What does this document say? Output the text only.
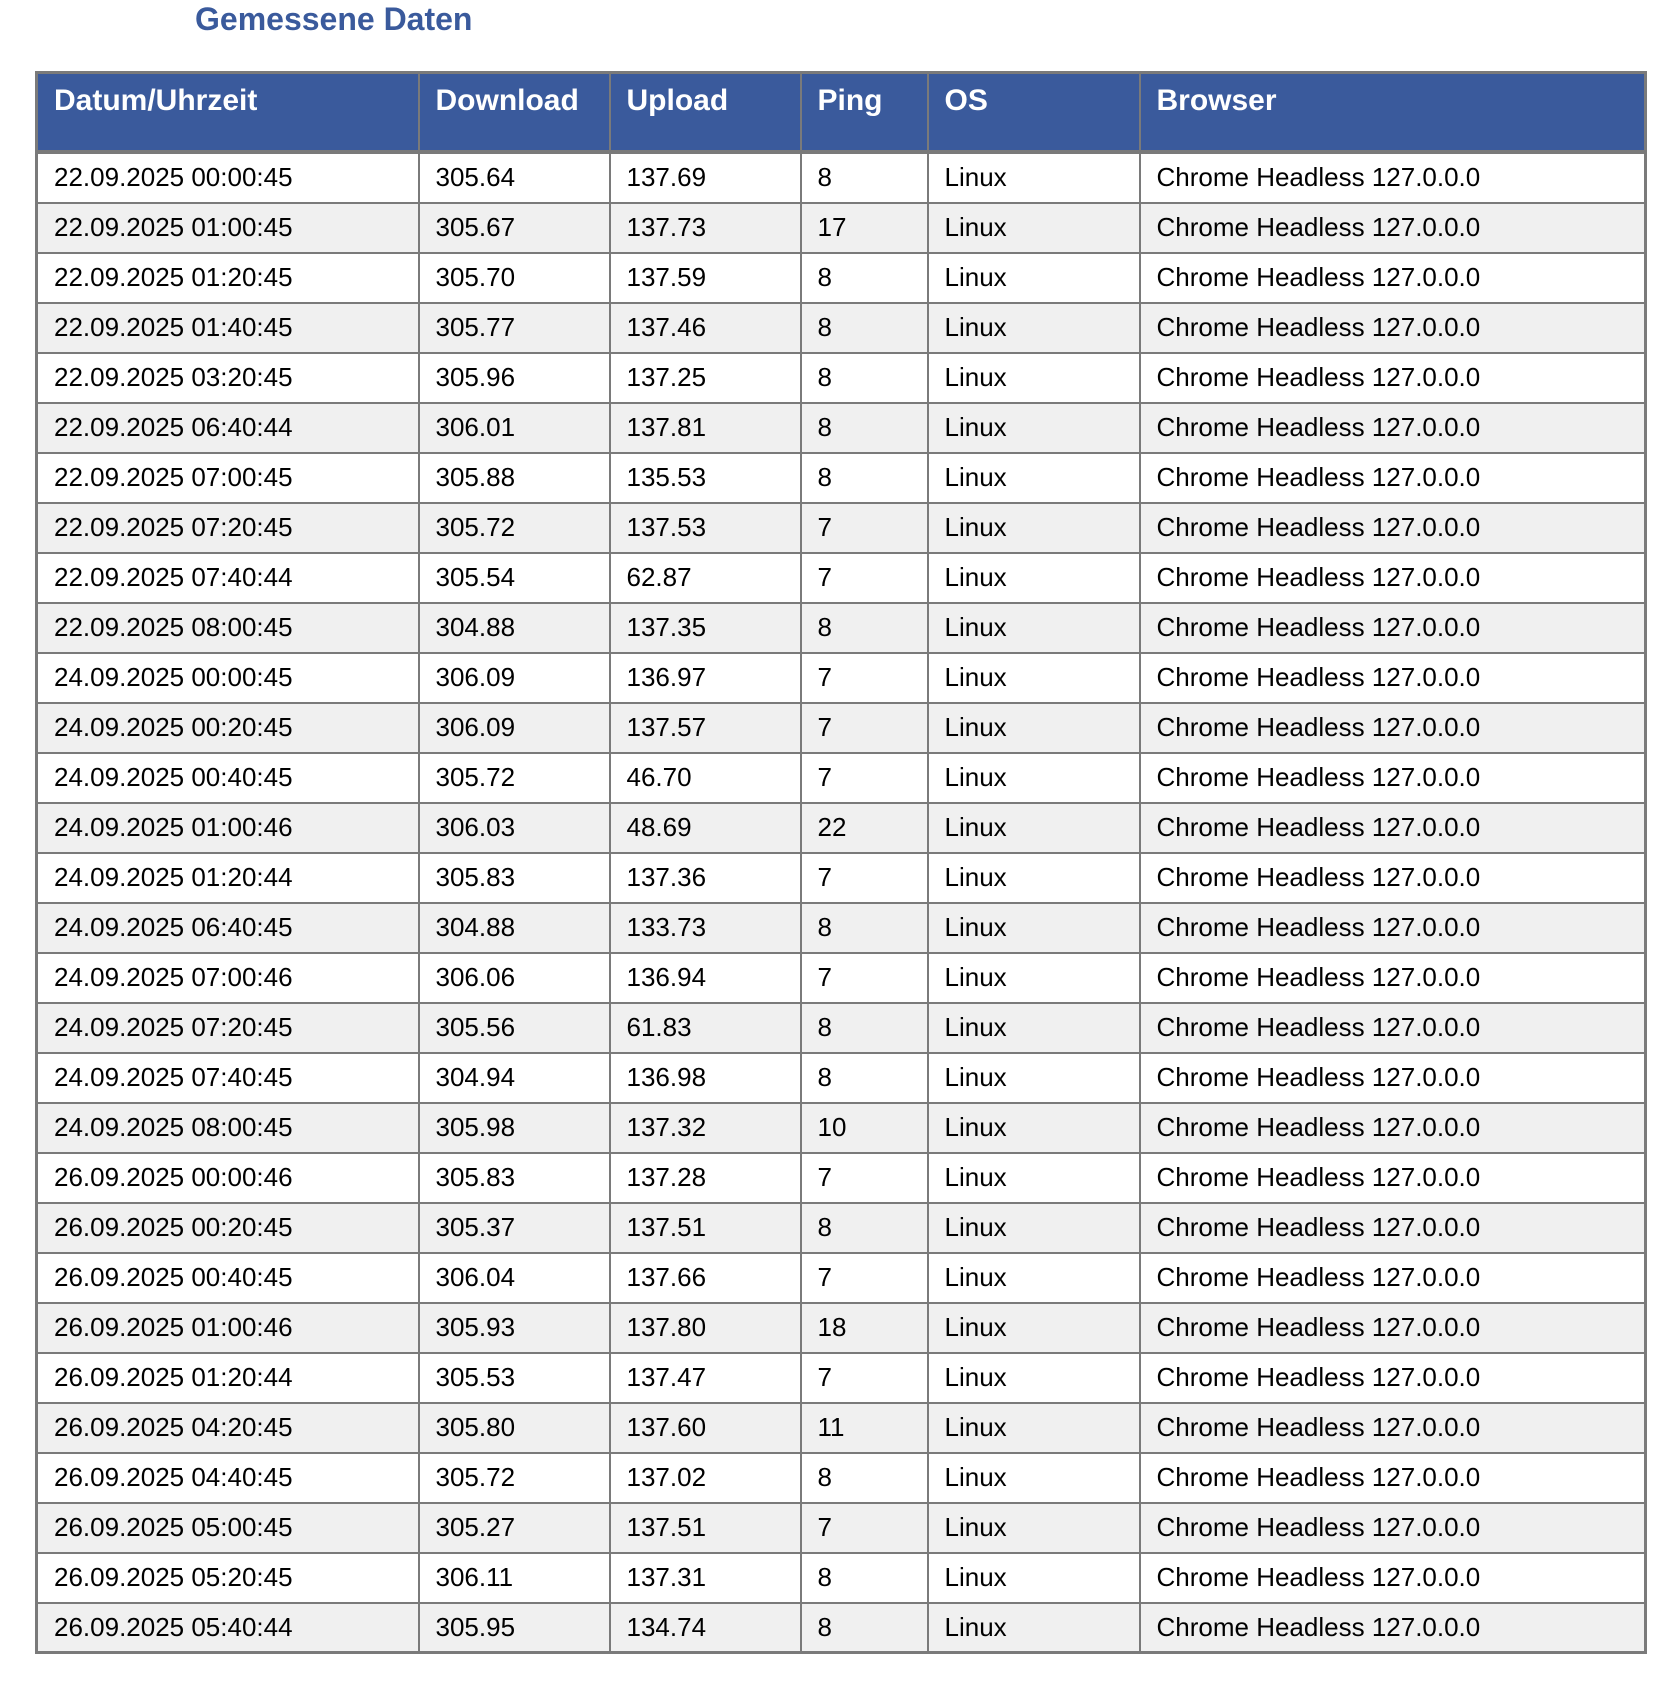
Gemessene Daten
Datum/Uhrzeit	Download	Upload	Ping	OS	Browser

22.09.2025 00:00:45	305.64	137.69	8	Linux	Chrome Headless 127.0.0.0
22.09.2025 01:00:45	305.67	137.73	17	Linux	Chrome Headless 127.0.0.0
22.09.2025 01:20:45	305.70	137.59	8	Linux	Chrome Headless 127.0.0.0
22.09.2025 01:40:45	305.77	137.46	8	Linux	Chrome Headless 127.0.0.0
22.09.2025 03:20:45	305.96	137.25	8	Linux	Chrome Headless 127.0.0.0
22.09.2025 06:40:44	306.01	137.81	8	Linux	Chrome Headless 127.0.0.0
22.09.2025 07:00:45	305.88	135.53	8	Linux	Chrome Headless 127.0.0.0
22.09.2025 07:20:45	305.72	137.53	7	Linux	Chrome Headless 127.0.0.0
22.09.2025 07:40:44	305.54	62.87	7	Linux	Chrome Headless 127.0.0.0
22.09.2025 08:00:45	304.88	137.35	8	Linux	Chrome Headless 127.0.0.0
24.09.2025 00:00:45	306.09	136.97	7	Linux	Chrome Headless 127.0.0.0
24.09.2025 00:20:45	306.09	137.57	7	Linux	Chrome Headless 127.0.0.0
24.09.2025 00:40:45	305.72	46.70	7	Linux	Chrome Headless 127.0.0.0
24.09.2025 01:00:46	306.03	48.69	22	Linux	Chrome Headless 127.0.0.0
24.09.2025 01:20:44	305.83	137.36	7	Linux	Chrome Headless 127.0.0.0
24.09.2025 06:40:45	304.88	133.73	8	Linux	Chrome Headless 127.0.0.0
24.09.2025 07:00:46	306.06	136.94	7	Linux	Chrome Headless 127.0.0.0
24.09.2025 07:20:45	305.56	61.83	8	Linux	Chrome Headless 127.0.0.0
24.09.2025 07:40:45	304.94	136.98	8	Linux	Chrome Headless 127.0.0.0
24.09.2025 08:00:45	305.98	137.32	10	Linux	Chrome Headless 127.0.0.0
26.09.2025 00:00:46	305.83	137.28	7	Linux	Chrome Headless 127.0.0.0
26.09.2025 00:20:45	305.37	137.51	8	Linux	Chrome Headless 127.0.0.0
26.09.2025 00:40:45	306.04	137.66	7	Linux	Chrome Headless 127.0.0.0
26.09.2025 01:00:46	305.93	137.80	18	Linux	Chrome Headless 127.0.0.0
26.09.2025 01:20:44	305.53	137.47	7	Linux	Chrome Headless 127.0.0.0
26.09.2025 04:20:45	305.80	137.60	11	Linux	Chrome Headless 127.0.0.0
26.09.2025 04:40:45	305.72	137.02	8	Linux	Chrome Headless 127.0.0.0
26.09.2025 05:00:45	305.27	137.51	7	Linux	Chrome Headless 127.0.0.0
26.09.2025 05:20:45	306.11	137.31	8	Linux	Chrome Headless 127.0.0.0
26.09.2025 05:40:44	305.95	134.74	8	Linux	Chrome Headless 127.0.0.0
